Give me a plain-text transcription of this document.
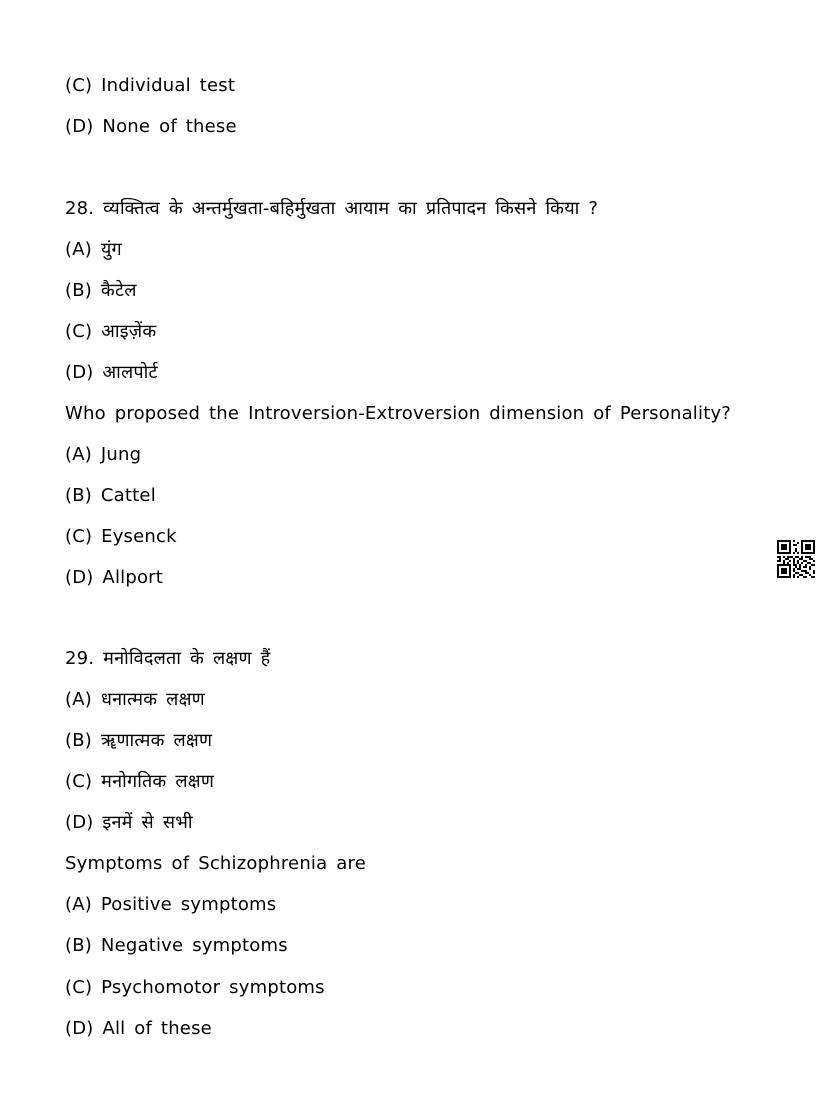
(C) Individual test
(D) None of these
28. व्यक्तित्व के अन्तर्मुखता-बहिर्मुखता आयाम का प्रतिपादन किसने किया ?
(A) युंग
(B) कैटेल
(C) आइज़ेंक
(D) आलपोर्ट
Who proposed the Introversion-Extroversion dimension of Personality?
(A) Jung
(B) Cattel
(C) Eysenck
(D) Allport
29. मनोविदलता के लक्षण हैं
(A) धनात्मक लक्षण
(B) ॠणात्मक लक्षण
(C) मनोगतिक लक्षण
(D) इनमें से सभी
Symptoms of Schizophrenia are
(A) Positive symptoms
(B) Negative symptoms
(C) Psychomotor symptoms
(D) All of these
